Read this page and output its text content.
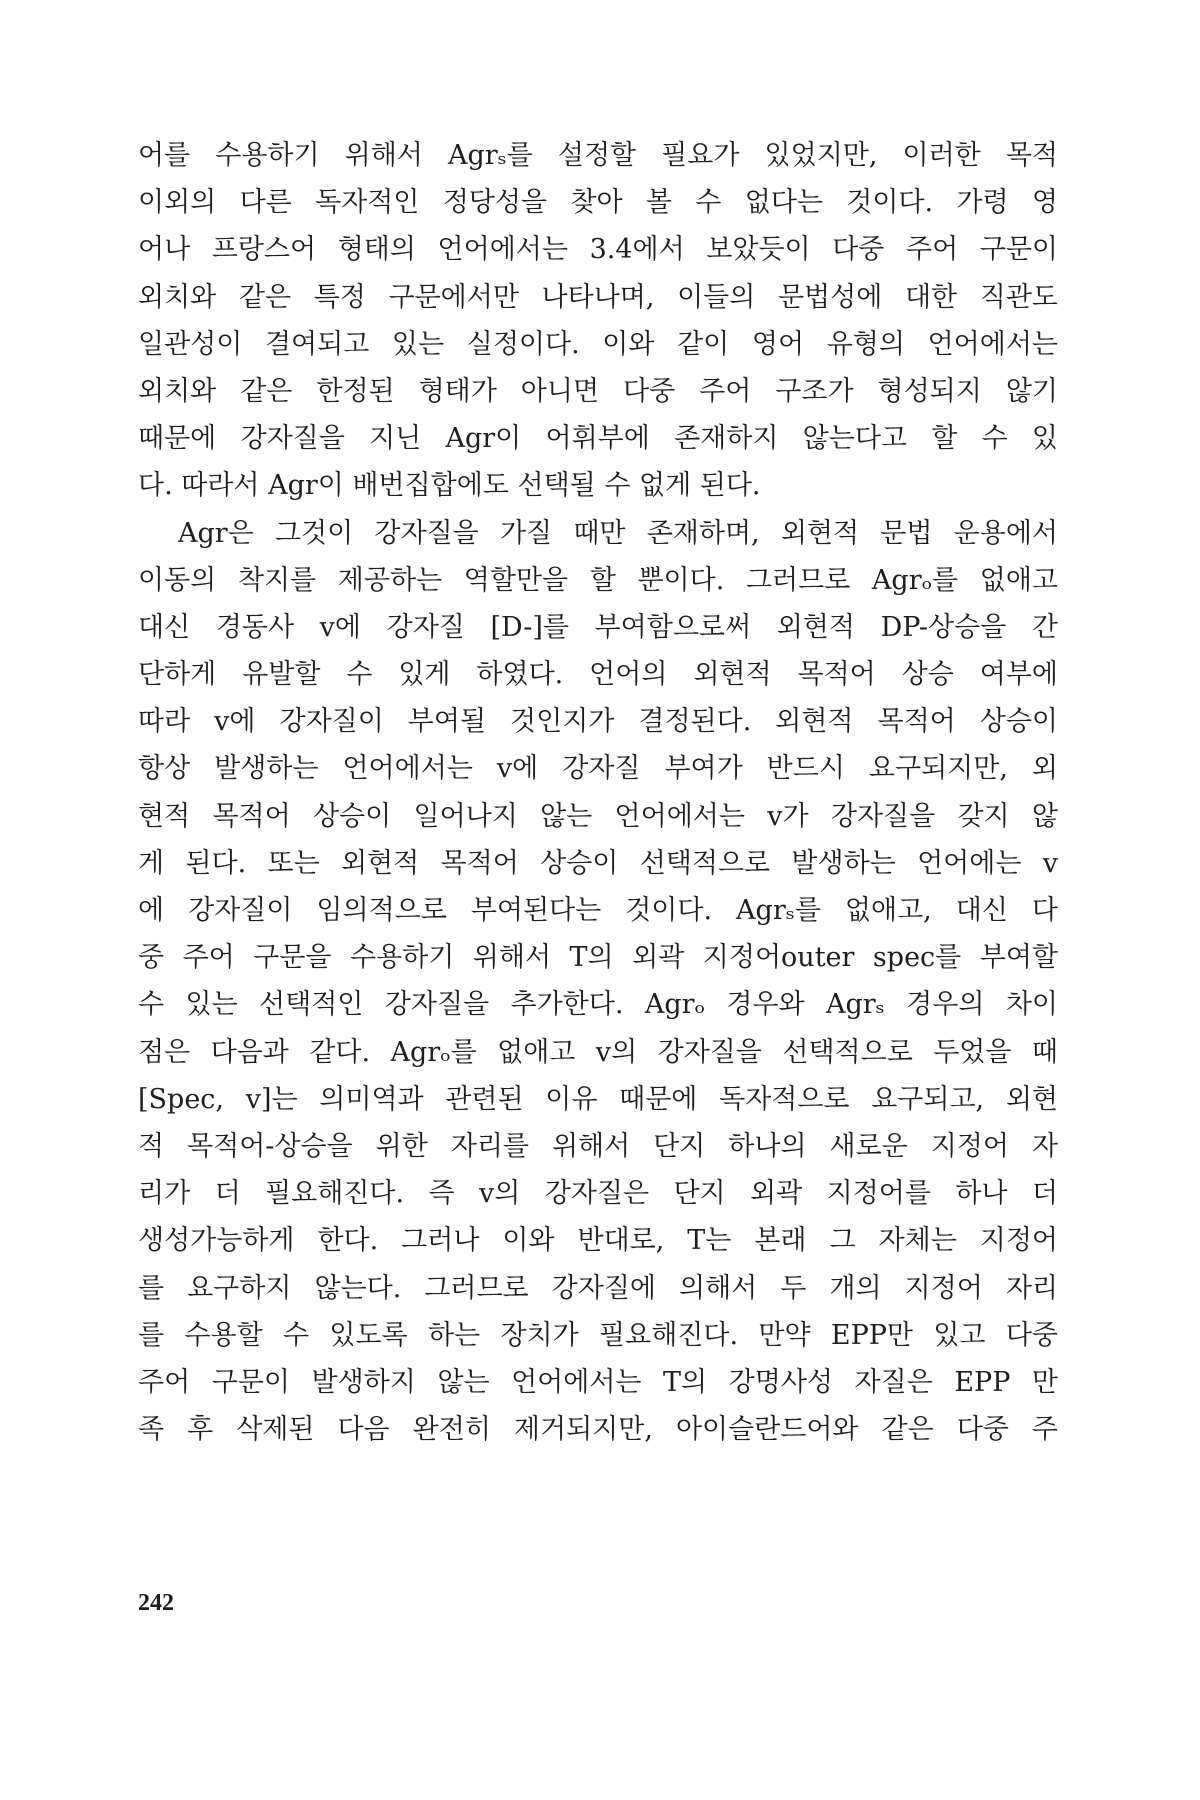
어를 수용하기 위해서 Agrₛ를 설정할 필요가 있었지만, 이러한 목적
이외의 다른 독자적인 정당성을 찾아 볼 수 없다는 것이다. 가령 영
어나 프랑스어 형태의 언어에서는 3.4에서 보았듯이 다중 주어 구문이
외치와 같은 특정 구문에서만 나타나며, 이들의 문법성에 대한 직관도
일관성이 결여되고 있는 실정이다. 이와 같이 영어 유형의 언어에서는
외치와 같은 한정된 형태가 아니면 다중 주어 구조가 형성되지 않기
때문에 강자질을 지닌 Agr이 어휘부에 존재하지 않는다고 할 수 있
다. 따라서 Agr이 배번집합에도 선택될 수 없게 된다.
Agr은 그것이 강자질을 가질 때만 존재하며, 외현적 문법 운용에서
이동의 착지를 제공하는 역할만을 할 뿐이다. 그러므로 Agrₒ를 없애고
대신 경동사 v에 강자질 [D-]를 부여함으로써 외현적 DP-상승을 간
단하게 유발할 수 있게 하였다. 언어의 외현적 목적어 상승 여부에
따라 v에 강자질이 부여될 것인지가 결정된다. 외현적 목적어 상승이
항상 발생하는 언어에서는 v에 강자질 부여가 반드시 요구되지만, 외
현적 목적어 상승이 일어나지 않는 언어에서는 v가 강자질을 갖지 않
게 된다. 또는 외현적 목적어 상승이 선택적으로 발생하는 언어에는 v
에 강자질이 임의적으로 부여된다는 것이다. Agrₛ를 없애고, 대신 다
중 주어 구문을 수용하기 위해서 T의 외곽 지정어outer spec를 부여할
수 있는 선택적인 강자질을 추가한다. Agrₒ 경우와 Agrₛ 경우의 차이
점은 다음과 같다. Agrₒ를 없애고 v의 강자질을 선택적으로 두었을 때
[Spec, v]는 의미역과 관련된 이유 때문에 독자적으로 요구되고, 외현
적 목적어-상승을 위한 자리를 위해서 단지 하나의 새로운 지정어 자
리가 더 필요해진다. 즉 v의 강자질은 단지 외곽 지정어를 하나 더
생성가능하게 한다. 그러나 이와 반대로, T는 본래 그 자체는 지정어
를 요구하지 않는다. 그러므로 강자질에 의해서 두 개의 지정어 자리
를 수용할 수 있도록 하는 장치가 필요해진다. 만약 EPP만 있고 다중
주어 구문이 발생하지 않는 언어에서는 T의 강명사성 자질은 EPP 만
족 후 삭제된 다음 완전히 제거되지만, 아이슬란드어와 같은 다중 주
242
